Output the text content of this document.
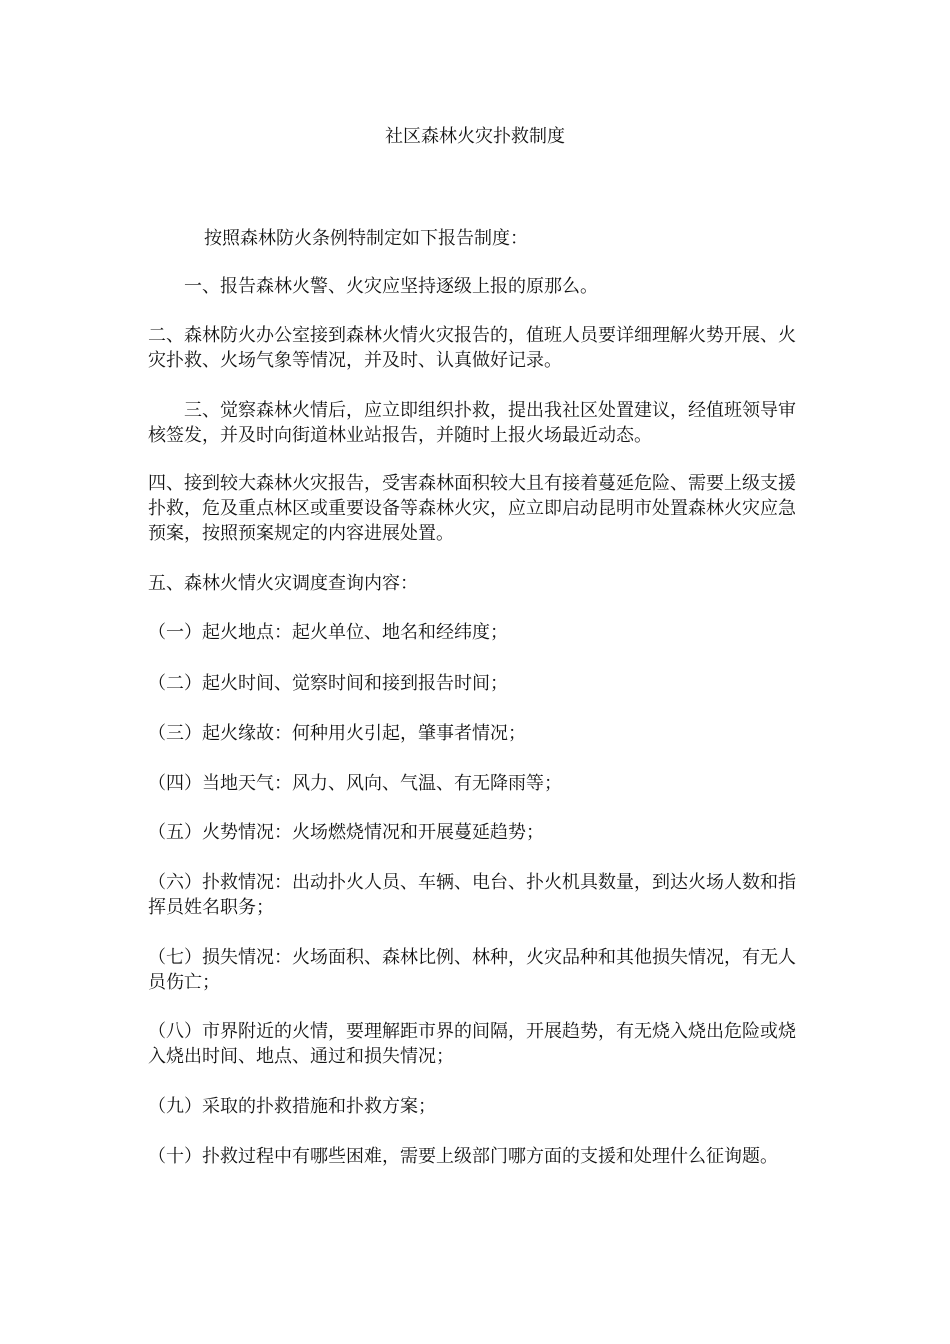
社区森林火灾扑救制度

按照森林防火条例特制定如下报告制度：

一、报告森林火警、火灾应坚持逐级上报的原那么。

二、森林防火办公室接到森林火情火灾报告的，值班人员要详细理解火势开展、火灾扑救、火场气象等情况，并及时、认真做好记录。

三、觉察森林火情后，应立即组织扑救，提出我社区处置建议，经值班领导审核签发，并及时向街道林业站报告，并随时上报火场最近动态。

四、接到较大森林火灾报告，受害森林面积较大且有接着蔓延危险、需要上级支援扑救，危及重点林区或重要设备等森林火灾，应立即启动昆明市处置森林火灾应急预案，按照预案规定的内容进展处置。

五、森林火情火灾调度查询内容：

（一）起火地点：起火单位、地名和经纬度；

（二）起火时间、觉察时间和接到报告时间；

（三）起火缘故：何种用火引起，肇事者情况；

（四）当地天气：风力、风向、气温、有无降雨等；

（五）火势情况：火场燃烧情况和开展蔓延趋势；

（六）扑救情况：出动扑火人员、车辆、电台、扑火机具数量，到达火场人数和指挥员姓名职务；

（七）损失情况：火场面积、森林比例、林种，火灾品种和其他损失情况，有无人员伤亡；

（八）市界附近的火情，要理解距市界的间隔，开展趋势，有无烧入烧出危险或烧入烧出时间、地点、通过和损失情况；

（九）采取的扑救措施和扑救方案；

（十）扑救过程中有哪些困难，需要上级部门哪方面的支援和处理什么征询题。
